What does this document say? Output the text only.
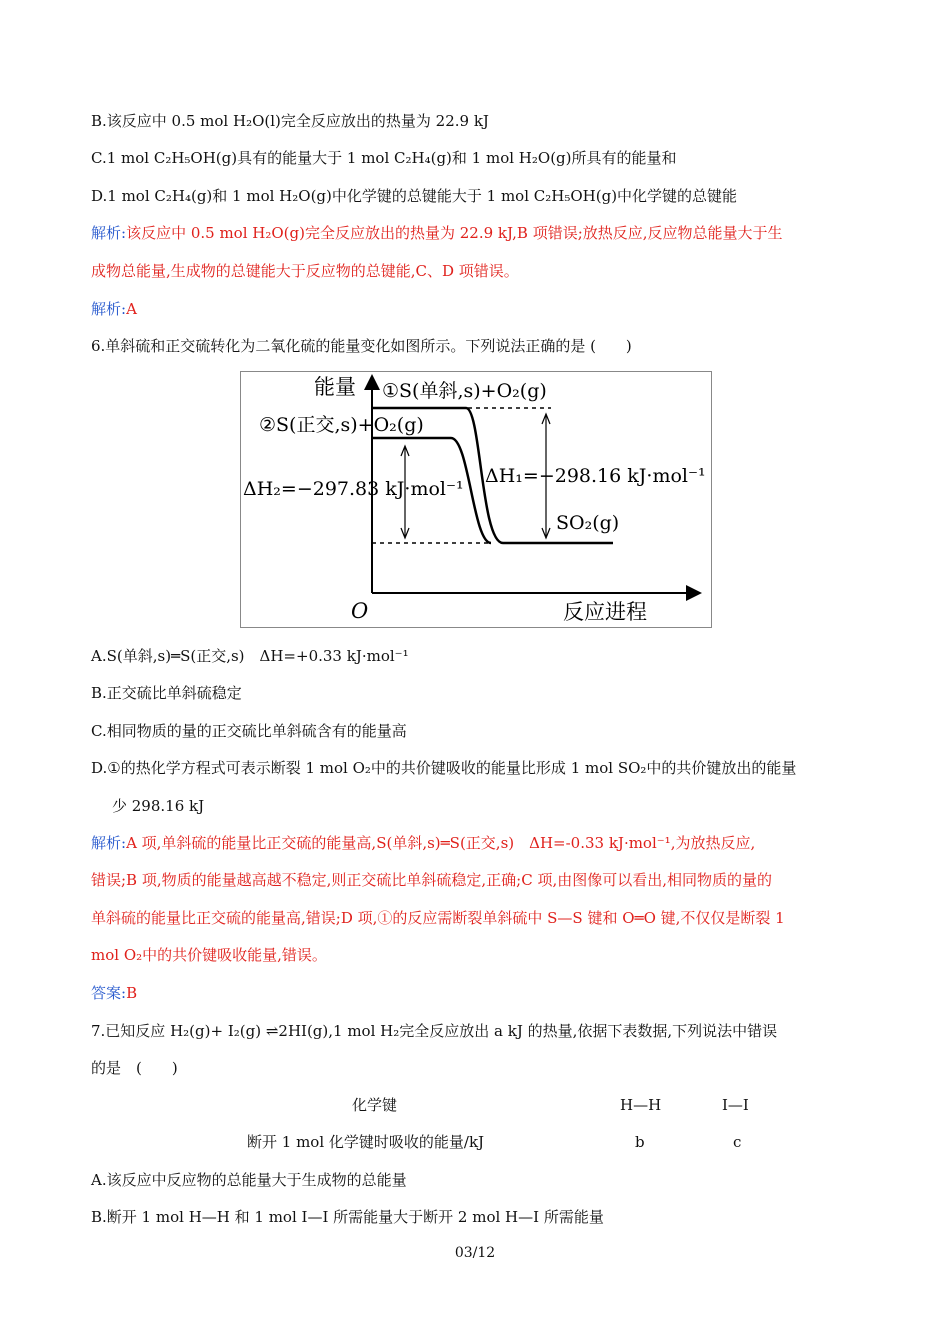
B.该反应中 0.5 mol H₂O(l)完全反应放出的热量为 22.9 kJ
C.1 mol C₂H₅OH(g)具有的能量大于 1 mol C₂H₄(g)和 1 mol H₂O(g)所具有的能量和
D.1 mol C₂H₄(g)和 1 mol H₂O(g)中化学键的总键能大于 1 mol C₂H₅OH(g)中化学键的总键能
解析:该反应中 0.5 mol H₂O(g)完全反应放出的热量为 22.9 kJ,B 项错误;放热反应,反应物总能量大于生
成物总能量,生成物的总键能大于反应物的总键能,C、D 项错误。
解析:A
6.单斜硫和正交硫转化为二氧化硫的能量变化如图所示。下列说法正确的是 (　　)
能量 ①S(单斜,s)+O₂(g)
②S(正交,s)+O₂(g)
ΔH₂=−297.83 kJ·mol⁻¹
ΔH₁=−298.16 kJ·mol⁻¹
SO₂(g)
O	反应进程
A.S(单斜,s)═S(正交,s)　ΔH=+0.33 kJ·mol⁻¹
B.正交硫比单斜硫稳定
C.相同物质的量的正交硫比单斜硫含有的能量高
D.①的热化学方程式可表示断裂 1 mol O₂中的共价键吸收的能量比形成 1 mol SO₂中的共价键放出的能量
少 298.16 kJ
解析:A 项,单斜硫的能量比正交硫的能量高,S(单斜,s)═S(正交,s)　ΔH=-0.33 kJ·mol⁻¹,为放热反应,
错误;B 项,物质的能量越高越不稳定,则正交硫比单斜硫稳定,正确;C 项,由图像可以看出,相同物质的量的
单斜硫的能量比正交硫的能量高,错误;D 项,①的反应需断裂单斜硫中 S—S 键和 O═O 键,不仅仅是断裂 1
mol O₂中的共价键吸收能量,错误。
答案:B
7.已知反应 H₂(g)+ I₂(g) ⇌2HI(g),1 mol H₂完全反应放出 a kJ 的热量,依据下表数据,下列说法中错误
的是　(　　)
化学键	H—H	I—I
断开 1 mol 化学键时吸收的能量/kJ	b	c
A.该反应中反应物的总能量大于生成物的总能量
B.断开 1 mol H—H 和 1 mol I—I 所需能量大于断开 2 mol H—I 所需能量
03/12
